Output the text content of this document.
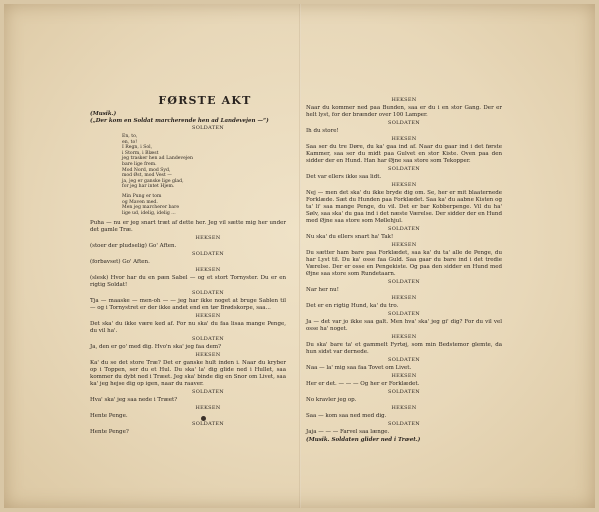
FØRSTE AKT
(Musik.)
(„Der kom en Soldat marcherende hen ad Landevejen —“)
SOLDATEN
En, to,
en, to!
I Regn, i Sol,
i Storm, i Blæst
jeg trasker hen ad Landevejen
bare lige frem.
Mod Nord, mod Syd,
mod Øst, mod Vest —
ja, jeg er ganske lige glad,
for jeg har intet Hjem.
Min Pung er tom
og Maven med.
Men jeg marcherer bare
lige ud, idelig, idelig ...
Puha — nu er jeg snart træt af dette her. Jeg vil sætte mig her under det gamle Træ.
HEKSEN
(stoer der pludselig) Go' Aften.
SOLDATEN
(forbavset) Go' Aften.
HEKSEN
(slesk) Hvor har du en pæn Sabel — og et stort Tornyster. Du er en rigtig Soldat!
SOLDATEN
Tja — maaske — men-oh — — jeg har ikke noget at bruge Sablen til — og i Tornystret er der ikke andet end en tør Brødskorpe, saa...
HEKSEN
Det ska' du ikke være ked af. For nu ska' du faa lisaa mange Penge, du vil ha'.
SOLDATEN
Ja, den er go' med dig. Hvo'n ska' jeg faa dem?
HEKSEN
Ka' du se det store Træ? Det er ganske hult inden i. Naar du kryber op i Toppen, ser du et Hul. Du ska' la' dig glide ned i Hullet, saa kommer du dybt ned i Træet. Jeg ska' binde dig en Snor om Livet, saa ka' jeg hejse dig op igen, naar du raaver.
SOLDATEN
Hva' ska' jeg saa nede i Træet?
HEKSEN
Hente Penge.
SOLDATEN
Hente Penge?
HEKSEN
Naar du kommer ned paa Bunden, saa er du i en stor Gang. Der er helt lyst, for der brænder over 100 Lamper.
SOLDATEN
Ih du store!
HEKSEN
Saa ser du tre Døre, du ka' gaa ind af. Naar du gaar ind i det første Kammer, saa ser du midt paa Gulvet en stor Kiste. Oven paa den sidder der en Hund. Han har Øjne saa store som Tekopper.
SOLDATEN
Det var ellers ikke saa lidt.
HEKSEN
Nej — men det ska' du ikke bryde dig om. Se, her er mit blaaternede Forklæde. Sæt du Hunden paa Forklædet. Saa ka' du aabne Kisten og ta' li' saa mange Penge, du vil. Det er bar Kobberpenge. Vil du ha' Sølv, saa ska' du gaa ind i det næste Værelse. Der sidder der en Hund med Øjne saa store som Møllehjul.
SOLDATEN
Nu ska' du ellers snart ha' Tak!
HEKSEN
Du sætter ham bare paa Forklædet, saa ka' du ta' alle de Penge, du har Lyst til. Du ka' osse faa Guld. Saa gaar du bare ind i det tredie Værelse. Der er osse en Pengekiste. Og paa den sidder en Hund med Øjne saa store som Rundetaarn.
SOLDATEN
Nar her nu!
HEKSEN
Det er en rigtig Hund, ka' du tro.
SOLDATEN
Ja — det var jo ikke saa galt. Men hva' ska' jeg gi' dig? For du vil vel osse ha' noget.
HEKSEN
Du ska' bare ta' et gammelt Fyrtøj, som min Bedstemor glemte, da hun sidst var dernede.
SOLDATEN
Naa — la' mig saa faa Tovet om Livet.
HEKSEN
Her er det. — — — Og her er Forklædet.
SOLDATEN
No kravler jeg op.
HEKSEN
Saa — kom saa ned med dig.
SOLDATEN
Jaja — — — Farvel saa længe.
(Musik. Soldaten glider ned i Træet.)
